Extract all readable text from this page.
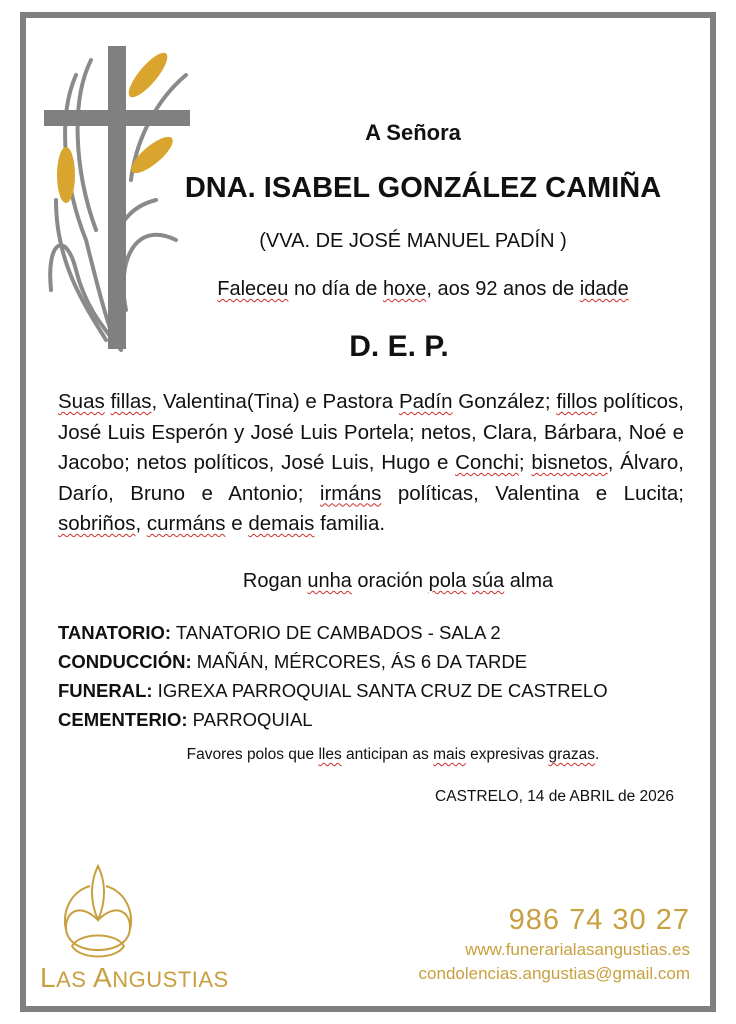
A Señora
DNA. ISABEL GONZÁLEZ CAMIÑA
(VVA. DE JOSÉ MANUEL PADÍN )
Faleceu no día de hoxe, aos 92 anos de idade
D. E. P.
Suas fillas, Valentina(Tina) e Pastora Padín González; fillos políticos, José Luis Esperón y José Luis Portela; netos, Clara, Bárbara, Noé e Jacobo; netos políticos, José Luis, Hugo e Conchi; bisnetos, Álvaro, Darío, Bruno e Antonio; irmáns políticas, Valentina e Lucita; sobriños, curmáns e demais familia.
Rogan unha oración pola súa alma
TANATORIO: TANATORIO DE CAMBADOS - SALA 2
CONDUCCIÓN: MAÑÁN, MÉRCORES, ÁS 6 DA TARDE
FUNERAL: IGREXA PARROQUIAL SANTA CRUZ DE CASTRELO
CEMENTERIO: PARROQUIAL
Favores polos que lles anticipan as mais expresivas grazas.
CASTRELO, 14 de ABRIL de 2026
LAS ANGUSTIAS
986 74 30 27
www.funerarialasangustias.es
condolencias.angustias@gmail.com
